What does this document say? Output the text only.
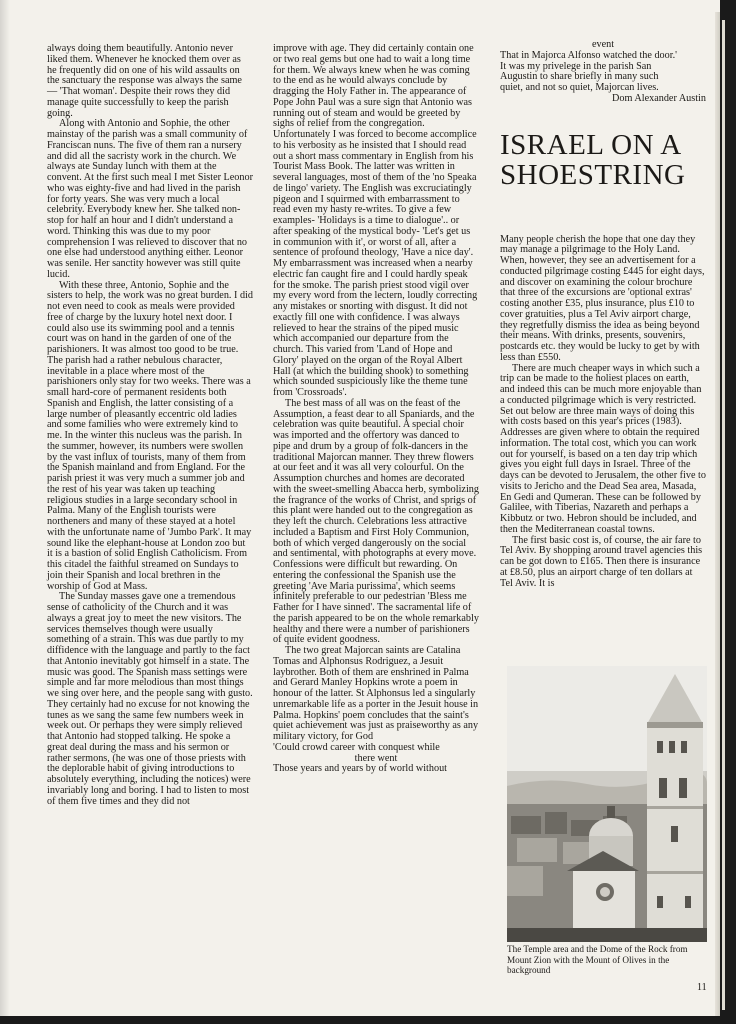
always doing them beautifully. Antonio never liked them. Whenever he knocked them over as he frequently did on one of his wild assaults on the sanctuary the response was always the same — 'That woman'. Despite their rows they did manage quite successfully to keep the parish going.

Along with Antonio and Sophie, the other mainstay of the parish was a small community of Franciscan nuns. The five of them ran a nursery and did all the sacristy work in the church. We always ate Sunday lunch with them at the convent. At the first such meal I met Sister Leonor who was eighty-five and had lived in the parish for forty years. She was very much a local celebrity. Everybody knew her. She talked non-stop for half an hour and I didn't understand a word. Thinking this was due to my poor comprehension I was relieved to discover that no one else had understood anything either. Leonor was senile. Her sanctity however was still quite lucid.

With these three, Antonio, Sophie and the sisters to help, the work was no great burden. I did not even need to cook as meals were provided free of charge by the luxury hotel next door. I could also use its swimming pool and a tennis court was on hand in the garden of one of the parishioners. It was almost too good to be true. The parish had a rather nebulous character, inevitable in a place where most of the parishioners only stay for two weeks. There was a small hard-core of permanent residents both Spanish and English, the latter consisting of a large number of pleasantly eccentric old ladies and some families who were extremely kind to me. In the winter this nucleus was the parish. In the summer, however, its numbers were swollen by the vast influx of tourists, many of them from the Spanish mainland and from England. For the parish priest it was very much a summer job and the rest of his year was taken up teaching religious studies in a large secondary school in Palma. Many of the English tourists were northeners and many of these stayed at a hotel with the unfortunate name of 'Jumbo Park'. It may sound like the elephant-house at London zoo but it is a bastion of solid English Catholicism. From this citadel the faithful streamed on Sundays to join their Spanish and local brethren in the worship of God at Mass.

The Sunday masses gave one a tremendous sense of catholicity of the Church and it was always a great joy to meet the new visitors. The services themselves though were usually something of a strain. This was due partly to my diffidence with the language and partly to the fact that Antonio inevitably got himself in a state. The music was good. The Spanish mass settings were simple and far more melodious than most things we sing over here, and the people sang with gusto. They certainly had no excuse for not knowing the tunes as we sang the same few numbers week in week out. Or perhaps they were simply relieved that Antonio had stopped talking. He spoke a great deal during the mass and his sermon or rather sermons, (he was one of those priests with the deplorable habit of giving introductions to absolutely everything, including the notices) were invariably long and boring. I had to listen to most of them five times and they did not

improve with age. They did certainly contain one or two real gems but one had to wait a long time for them. We always knew when he was coming to the end as he would always conclude by dragging the Holy Father in. The appearance of Pope John Paul was a sure sign that Antonio was running out of steam and would be greeted by sighs of relief from the congregation. Unfortunately I was forced to become accomplice to his verbosity as he insisted that I should read out a short mass commentary in English from his Tourist Mass Book. The latter was written in several languages, most of them of the 'no Speaka de lingo' variety. The English was excruciatingly pigeon and I squirmed with embarrassment to read even my hasty re-writes. To give a few examples- 'Holidays is a time to dialogue'.. or after speaking of the mystical body- 'Let's get us in communion with it', or worst of all, after a sentence of profound theology, 'Have a nice day'. My embarrassment was increased when a nearby electric fan caught fire and I could hardly speak for the smoke. The parish priest stood vigil over my every word from the lectern, loudly correcting any mistakes or snorting with disgust. It did not exactly fill one with confidence. I was always relieved to hear the strains of the piped music which accompanied our departure from the church. This varied from 'Land of Hope and Glory' played on the organ of the Royal Albert Hall (at which the building shook) to something which sounded suspiciously like the theme tune from 'Crossroads'.

The best mass of all was on the feast of the Assumption, a feast dear to all Spaniards, and the celebration was quite beautiful. A special choir was imported and the offertory was danced to pipe and drum by a group of folk-dancers in the traditional Majorcan manner. They threw flowers at our feet and it was all very colourful. On the Assumption churches and homes are decorated with the sweet-smelling Abacca herb, symbolizing the fragrance of the works of Christ, and sprigs of this plant were handed out to the congregation as they left the church. Celebrations less attractive included a Baptism and First Holy Communion, both of which verged dangerously on the social and sentimental, with photographs at every move. Confessions were difficult but rewarding. On entering the confessional the Spanish use the greeting 'Ave Maria purissima', which seems infinitely preferable to our pedestrian 'Bless me Father for I have sinned'. The sacramental life of the parish appeared to be on the whole remarkably healthy and there were a number of parishioners of quite evident goodness.

The two great Majorcan saints are Catalina Tomas and Alphonsus Rodriguez, a Jesuit laybrother. Both of them are enshrined in Palma and Gerard Manley Hopkins wrote a poem in honour of the latter. St Alphonsus led a singularly unremarkable life as a porter in the Jesuit house in Palma. Hopkins' poem concludes that the saint's quiet achievement was just as praiseworthy as any military victory, for God

'Could crowd career with conquest while

there went

Those years and years by of world without

event

That in Majorca Alfonso watched the door.'

It was my privelege in the parish San

Augustin to share briefly in many such

quiet, and not so quiet, Majorcan lives.

Dom Alexander Austin

ISRAEL ON A
SHOESTRING

Many people cherish the hope that one day they may manage a pilgrimage to the Holy Land. When, however, they see an advertisement for a conducted pilgrimage costing £445 for eight days, and discover on examining the colour brochure that three of the excursions are 'optional extras' costing another £35, plus insurance, plus £10 to cover gratuities, plus a Tel Aviv airport charge, they regretfully dismiss the idea as being beyond their means. With drinks, presents, souvenirs, postcards etc. they would be lucky to get by with less than £550.

There are much cheaper ways in which such a trip can be made to the holiest places on earth, and indeed this can be much more enjoyable than a conducted pilgrimage which is very restricted. Set out below are three main ways of doing this with costs based on this year's prices (1983). Addresses are given where to obtain the required information. The total cost, which you can work out for yourself, is based on a ten day trip which gives you eight full days in Israel. Three of the days can be devoted to Jerusalem, the other five to visits to Jericho and the Dead Sea area, Masada, En Gedi and Qumeran. These can be followed by Galilee, with Tiberias, Nazareth and perhaps a Kibbutz or two. Hebron should be included, and then the Mediterranean coastal towns.

The first basic cost is, of course, the air fare to Tel Aviv. By shopping around travel agencies this can be got down to £165. Then there is insurance at £8.50, plus an airport charge of ten dollars at Tel Aviv. It is

The Temple area and the Dome of the Rock from Mount Zion with the Mount of Olives in the background
11
